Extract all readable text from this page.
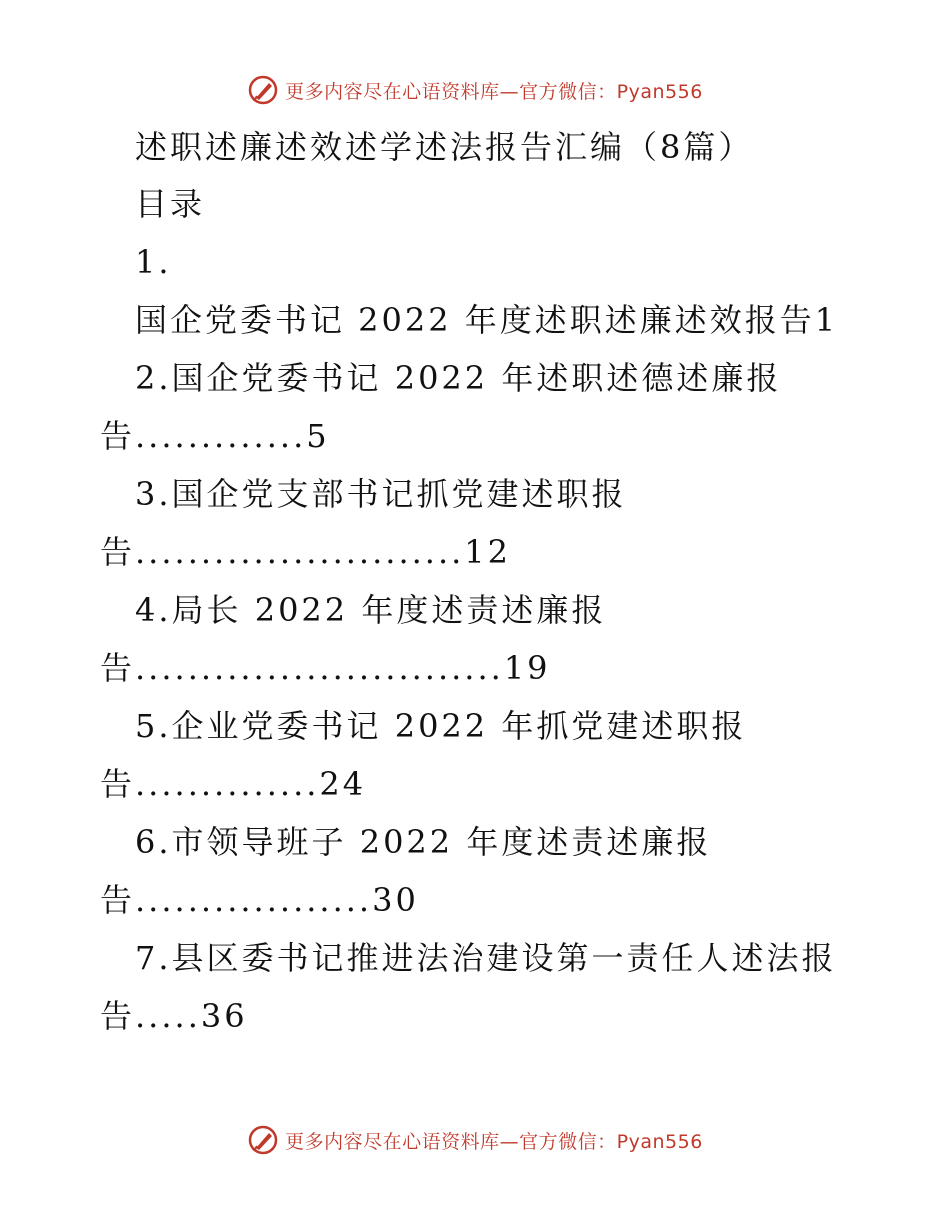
更多内容尽在心语资料库—官方微信：Pyan556
述职述廉述效述学述法报告汇编（8篇）
目录
1.
国企党委书记 2022 年度述职述廉述效报告1
2.国企党委书记 2022 年述职述德述廉报
告.............5
3.国企党支部书记抓党建述职报
告.........................12
4.局长 2022 年度述责述廉报
告............................19
5.企业党委书记 2022 年抓党建述职报
告..............24
6.市领导班子 2022 年度述责述廉报
告..................30
7.县区委书记推进法治建设第一责任人述法报
告.....36
更多内容尽在心语资料库—官方微信：Pyan556
